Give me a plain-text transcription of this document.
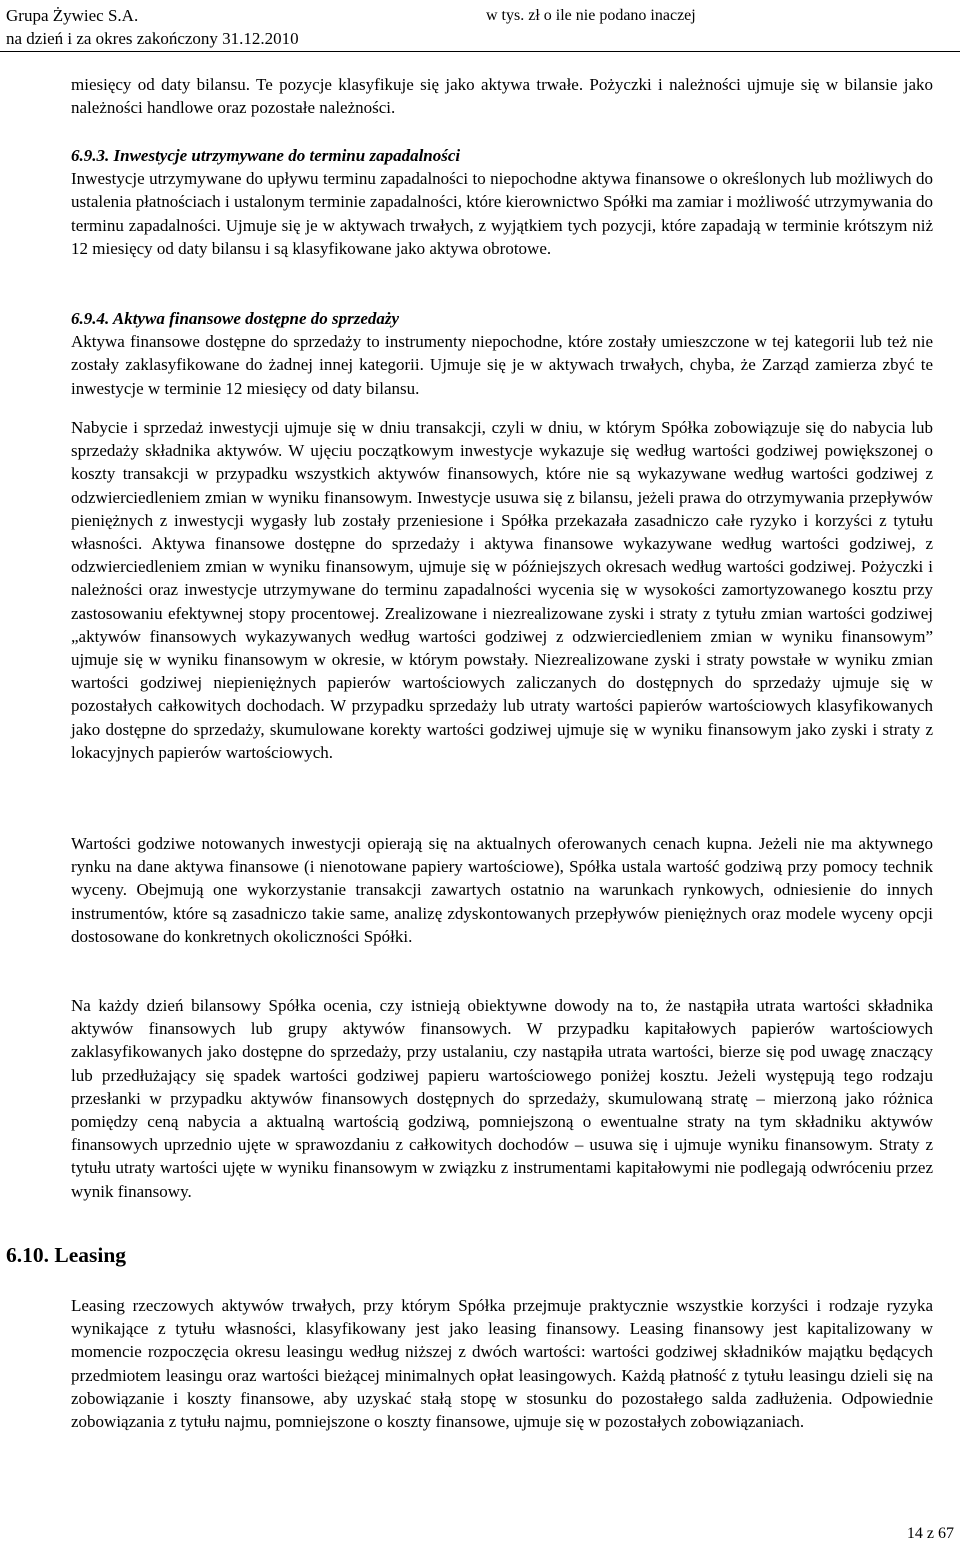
Grupa Żywiec S.A.
na dzień i za okres zakończony 31.12.2010
w tys. zł o ile nie podano inaczej

miesięcy od daty bilansu. Te pozycje klasyfikuje się jako aktywa trwałe. Pożyczki i należności ujmuje się w bilansie jako należności handlowe oraz pozostałe należności.

6.9.3. Inwestycje utrzymywane do terminu zapadalności
Inwestycje utrzymywane do upływu terminu zapadalności to niepochodne aktywa finansowe o określonych lub możliwych do ustalenia płatnościach i ustalonym terminie zapadalności, które kierownictwo Spółki ma zamiar i możliwość utrzymywania do terminu zapadalności. Ujmuje się je w aktywach trwałych, z wyjątkiem tych pozycji, które zapadają w terminie krótszym niż 12 miesięcy od daty bilansu i są klasyfikowane jako aktywa obrotowe.
6.9.4. Aktywa finansowe dostępne do sprzedaży
Aktywa finansowe dostępne do sprzedaży to instrumenty niepochodne, które zostały umieszczone w tej kategorii lub też nie zostały zaklasyfikowane do żadnej innej kategorii. Ujmuje się je w aktywach trwałych, chyba, że Zarząd zamierza zbyć te inwestycje w terminie 12 miesięcy od daty bilansu.

Nabycie i sprzedaż inwestycji ujmuje się w dniu transakcji, czyli w dniu, w którym Spółka zobowiązuje się do nabycia lub sprzedaży składnika aktywów. W ujęciu początkowym inwestycje wykazuje się według wartości godziwej powiększonej o koszty transakcji w przypadku wszystkich aktywów finansowych, które nie są wykazywane według wartości godziwej z odzwierciedleniem zmian w wyniku finansowym. Inwestycje usuwa się z bilansu, jeżeli prawa do otrzymywania przepływów pieniężnych z inwestycji wygasły lub zostały przeniesione i Spółka przekazała zasadniczo całe ryzyko i korzyści z tytułu własności. Aktywa finansowe dostępne do sprzedaży i aktywa finansowe wykazywane według wartości godziwej, z odzwierciedleniem zmian w wyniku finansowym, ujmuje się w późniejszych okresach według wartości godziwej. Pożyczki i należności oraz inwestycje utrzymywane do terminu zapadalności wycenia się w wysokości zamortyzowanego kosztu przy zastosowaniu efektywnej stopy procentowej. Zrealizowane i niezrealizowane zyski i straty z tytułu zmian wartości godziwej „aktywów finansowych wykazywanych według wartości godziwej z odzwierciedleniem zmian w wyniku finansowym” ujmuje się w wyniku finansowym w okresie, w którym powstały. Niezrealizowane zyski i straty powstałe w wyniku zmian wartości godziwej niepieniężnych papierów wartościowych zaliczanych do dostępnych do sprzedaży ujmuje się w pozostałych całkowitych dochodach. W przypadku sprzedaży lub utraty wartości papierów wartościowych klasyfikowanych jako dostępne do sprzedaży, skumulowane korekty wartości godziwej ujmuje się w wyniku finansowym jako zyski i straty z lokacyjnych papierów wartościowych.

Wartości godziwe notowanych inwestycji opierają się na aktualnych oferowanych cenach kupna. Jeżeli nie ma aktywnego rynku na dane aktywa finansowe (i nienotowane papiery wartościowe), Spółka ustala wartość godziwą przy pomocy technik wyceny. Obejmują one wykorzystanie transakcji zawartych ostatnio na warunkach rynkowych, odniesienie do innych instrumentów, które są zasadniczo takie same, analizę zdyskontowanych przepływów pieniężnych oraz modele wyceny opcji dostosowane do konkretnych okoliczności Spółki.

Na każdy dzień bilansowy Spółka ocenia, czy istnieją obiektywne dowody na to, że nastąpiła utrata wartości składnika aktywów finansowych lub grupy aktywów finansowych. W przypadku kapitałowych papierów wartościowych zaklasyfikowanych jako dostępne do sprzedaży, przy ustalaniu, czy nastąpiła utrata wartości, bierze się pod uwagę znaczący lub przedłużający się spadek wartości godziwej papieru wartościowego poniżej kosztu. Jeżeli występują tego rodzaju przesłanki w przypadku aktywów finansowych dostępnych do sprzedaży, skumulowaną stratę – mierzoną jako różnica pomiędzy ceną nabycia a aktualną wartością godziwą, pomniejszoną o ewentualne straty na tym składniku aktywów finansowych uprzednio ujęte w sprawozdaniu z całkowitych dochodów – usuwa się i ujmuje wyniku finansowym. Straty z tytułu utraty wartości ujęte w wyniku finansowym w związku z instrumentami kapitałowymi nie podlegają odwróceniu przez wynik finansowy.

6.10. Leasing

Leasing rzeczowych aktywów trwałych, przy którym Spółka przejmuje praktycznie wszystkie korzyści i rodzaje ryzyka wynikające z tytułu własności, klasyfikowany jest jako leasing finansowy. Leasing finansowy jest kapitalizowany w momencie rozpoczęcia okresu leasingu według niższej z dwóch wartości: wartości godziwej składników majątku będących przedmiotem leasingu oraz wartości bieżącej minimalnych opłat leasingowych. Każdą płatność z tytułu leasingu dzieli się na zobowiązanie i koszty finansowe, aby uzyskać stałą stopę w stosunku do pozostałego salda zadłużenia. Odpowiednie zobowiązania z tytułu najmu, pomniejszone o koszty finansowe, ujmuje się w pozostałych zobowiązaniach.

14 z 67
